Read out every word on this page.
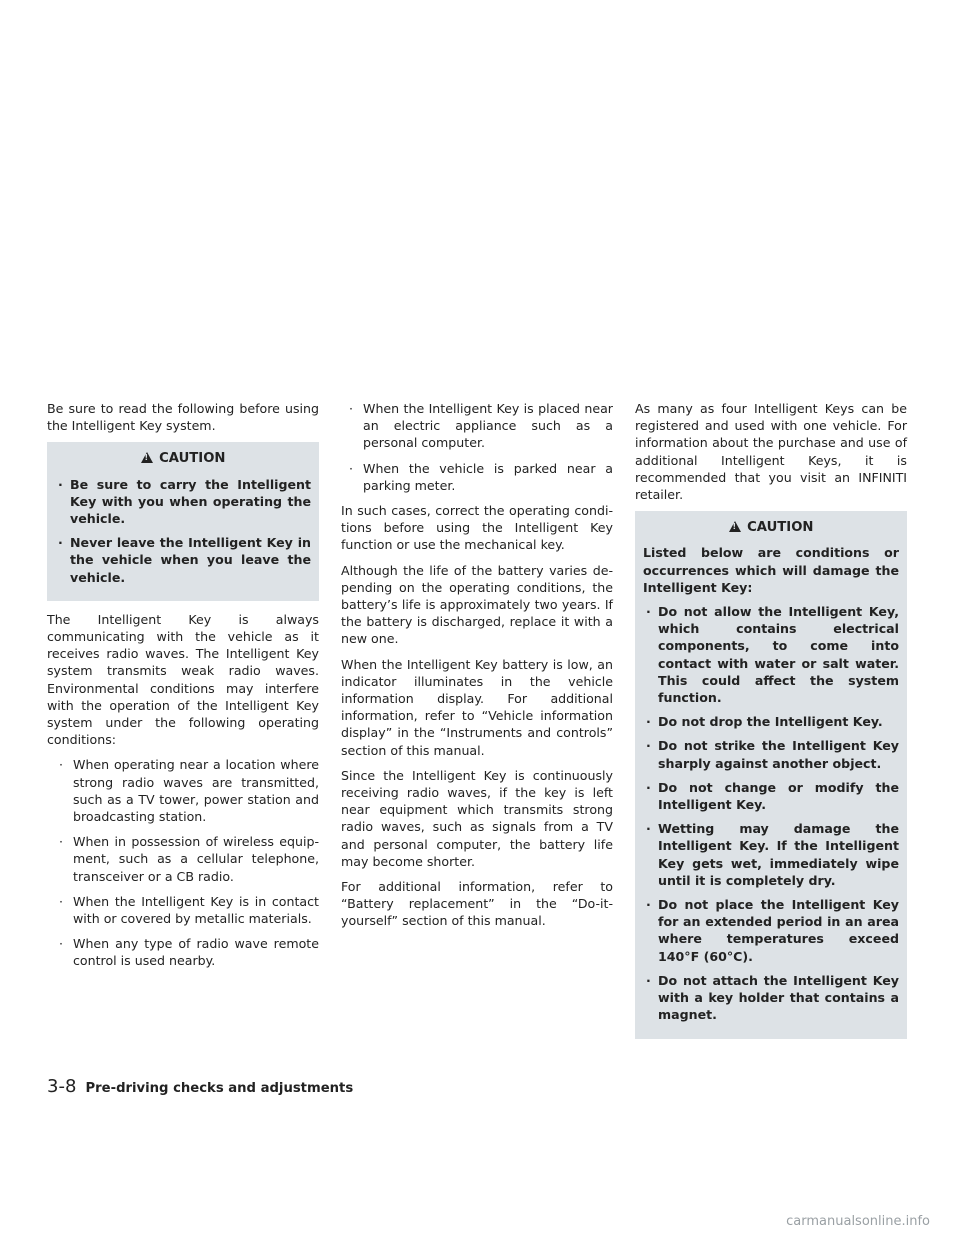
Be sure to read the following before using the Intelligent Key system.

! CAUTION
· Be sure to carry the Intelligent Key with you when operating the vehicle.
· Never leave the Intelligent Key in the vehicle when you leave the vehicle.

The Intelligent Key is always communicating with the vehicle as it receives radio waves. The Intelligent Key system transmits weak radio waves. Environmental conditions may interfere with the operation of the Intelligent Key system under the following operating conditions:

· When operating near a location where strong radio waves are transmitted, such as a TV tower, power station and broadcasting station.
· When in possession of wireless equipment, such as a cellular telephone, transceiver or a CB radio.
· When the Intelligent Key is in contact with or covered by metallic materials.
· When any type of radio wave remote control is used nearby.
· When the Intelligent Key is placed near an electric appliance such as a personal computer.
· When the vehicle is parked near a parking meter.

In such cases, correct the operating conditions before using the Intelligent Key function or use the mechanical key.

Although the life of the battery varies depending on the operating conditions, the battery’s life is approximately two years. If the battery is discharged, replace it with a new one.

When the Intelligent Key battery is low, an indicator illuminates in the vehicle information display. For additional information, refer to “Vehicle information display” in the “Instruments and controls” section of this manual.

Since the Intelligent Key is continuously receiving radio waves, if the key is left near equipment which transmits strong radio waves, such as signals from a TV and personal computer, the battery life may become shorter.

For additional information, refer to “Battery replacement” in the “Do-it-yourself” section of this manual.

As many as four Intelligent Keys can be registered and used with one vehicle. For information about the purchase and use of additional Intelligent Keys, it is recommended that you visit an INFINITI retailer.

! CAUTION
Listed below are conditions or occurrences which will damage the Intelligent Key:
· Do not allow the Intelligent Key, which contains electrical components, to come into contact with water or salt water. This could affect the system function.
· Do not drop the Intelligent Key.
· Do not strike the Intelligent Key sharply against another object.
· Do not change or modify the Intelligent Key.
· Wetting may damage the Intelligent Key. If the Intelligent Key gets wet, immediately wipe until it is completely dry.
· Do not place the Intelligent Key for an extended period in an area where temperatures exceed 140°F (60°C).
· Do not attach the Intelligent Key with a key holder that contains a magnet.
3-8 Pre-driving checks and adjustments
carmanualsonline.info
